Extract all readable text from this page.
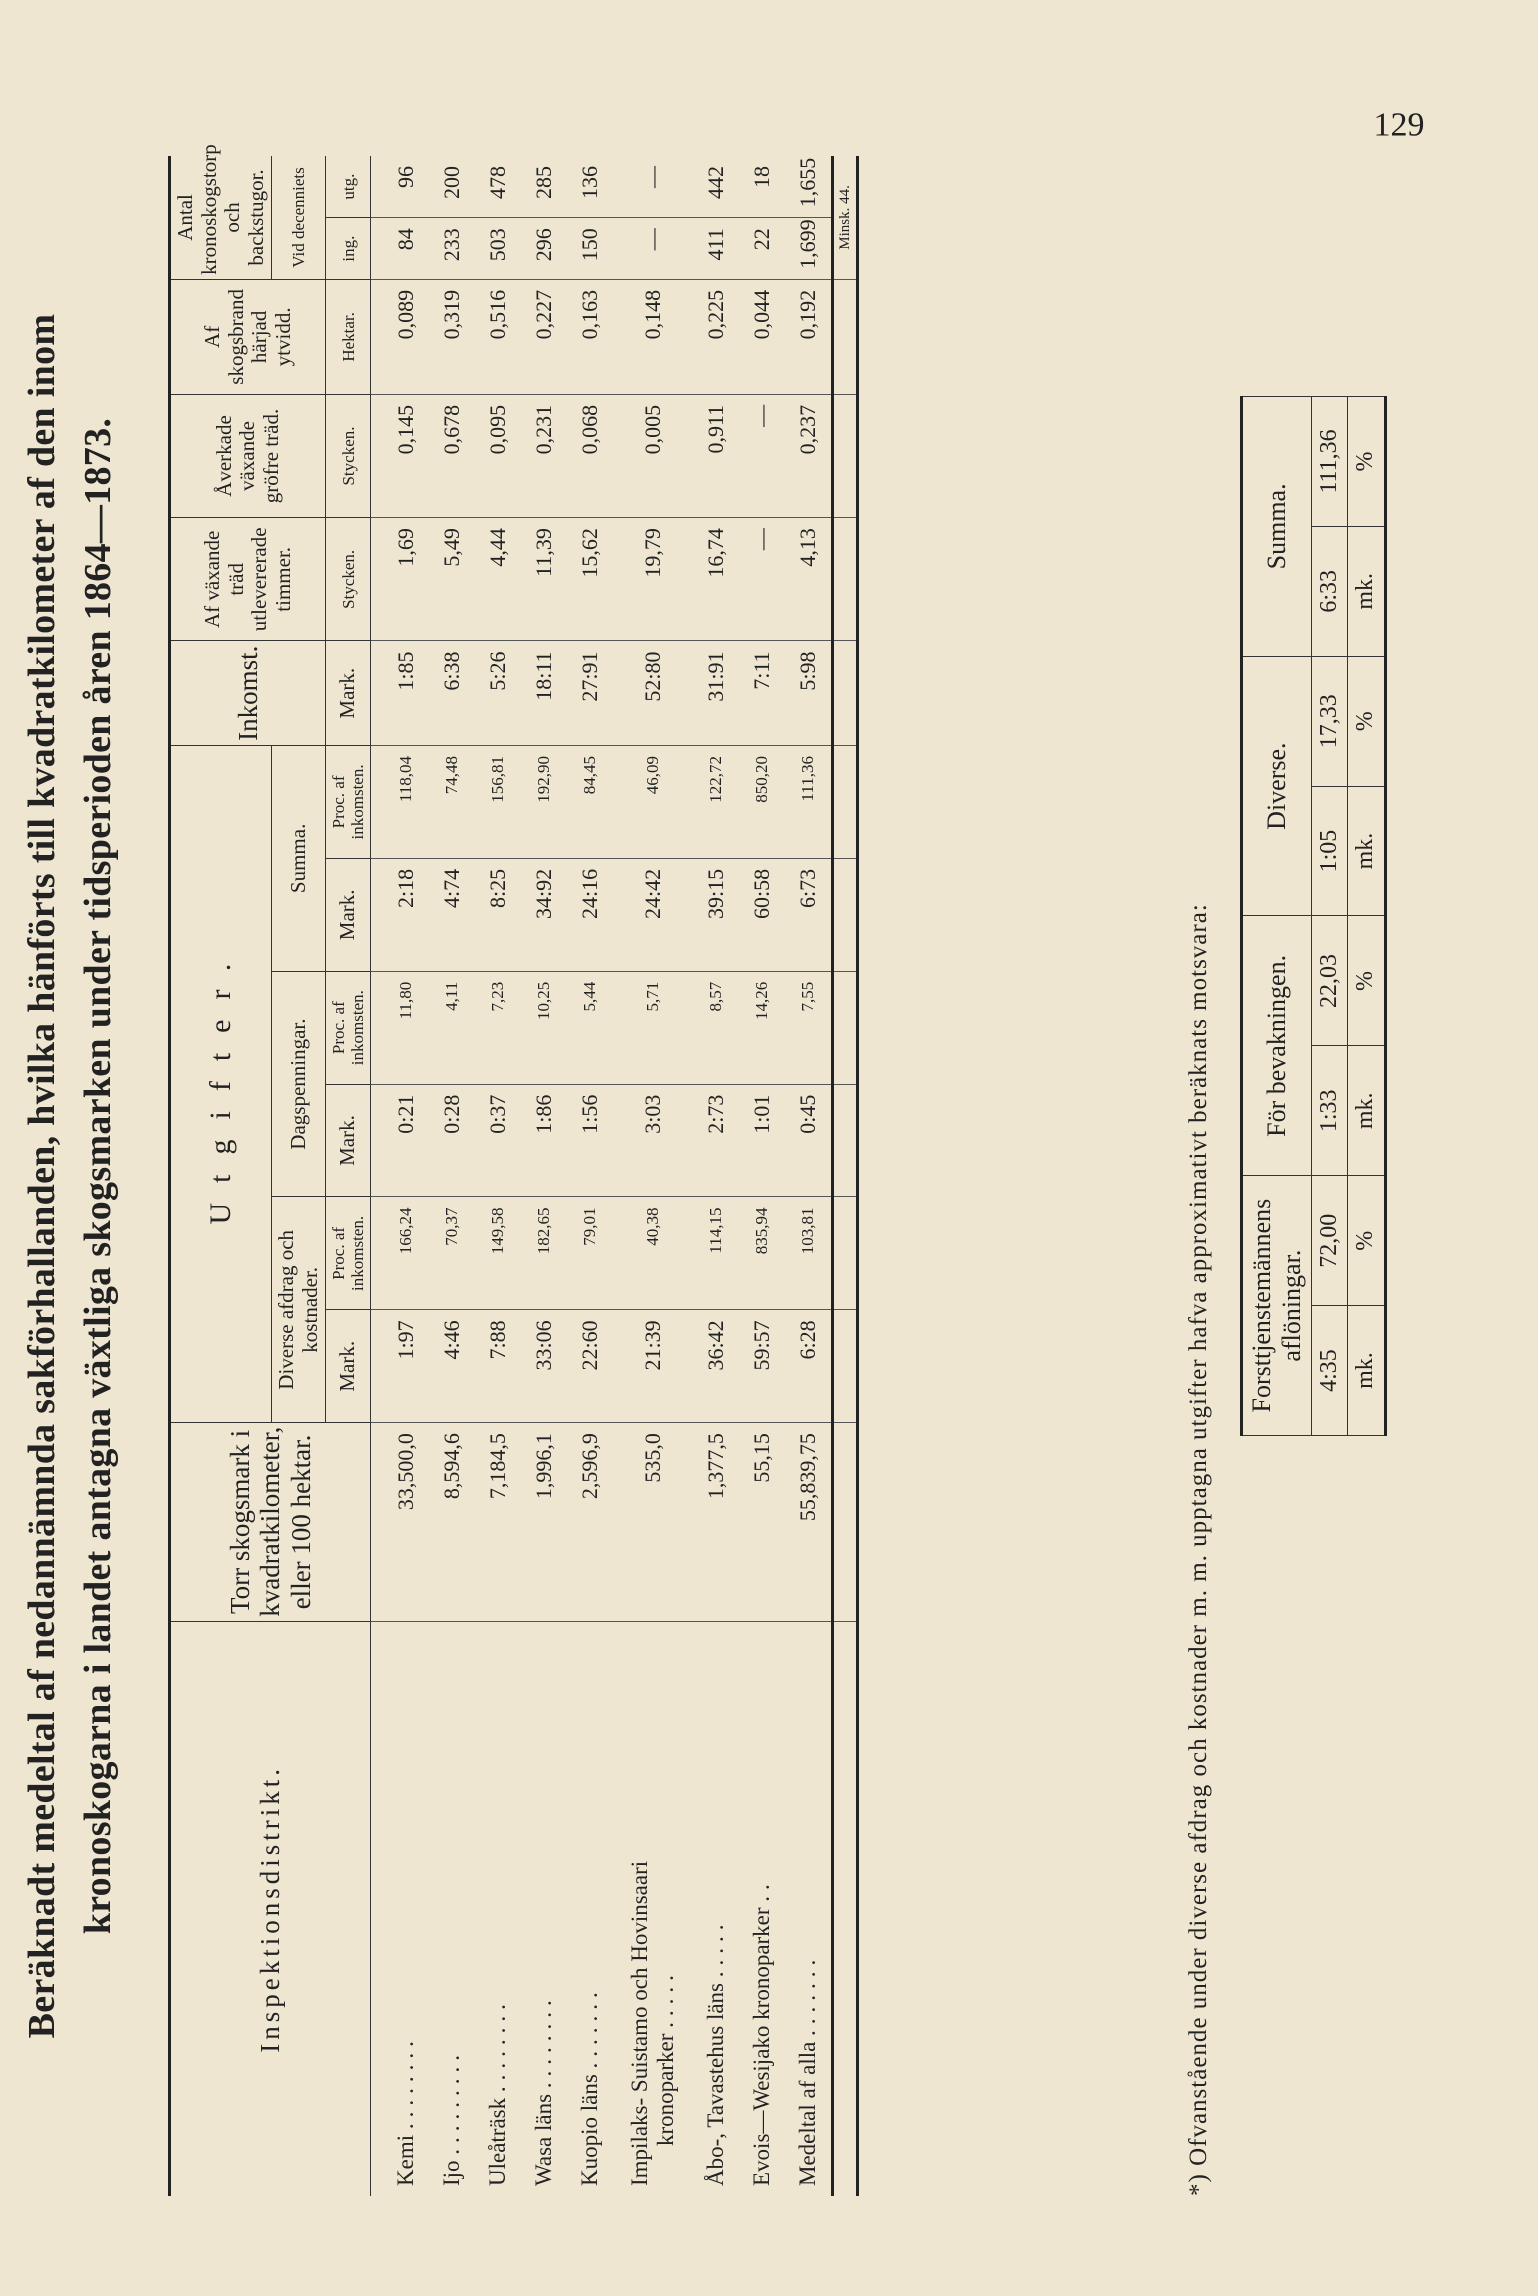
129
Beräknadt medeltal af nedannämnda sakförhallanden, hvilka hänförts till kvadratkilometer af den inom kronoskogarna i landet antagna växtliga skogsmarken under tidsperioden åren 1864—1873.	Inspektionsdistrikt.	Torr skogsmark i kvadratkilometer, eller 100 hektar.	Utgifter.						Inkomst.	Af växande träd utlevererade timmer.	Åverkade växande gröfre träd.	Af skogsbrand härjad ytvidd.	Antal kronoskogstorp och backstugor.	
		Diverse afdrag och kostnader.		Dagspenningar.		Summa.						Vid decenniets	
		Mark.	Proc. af inkomsten.	Mark.	Proc. af inkomsten.	Mark.	Proc. af inkomsten.	Mark.	Stycken.	Stycken.	Hektar.	ing.	utg.
Kemi ........	33,500,0	1:97	166,24	0:21	11,80	2:18	118,04	1:85	1,69	0,145	0,089	84	96
Ijo .........	8,594,6	4:46	70,37	0:28	4,11	4:74	74,48	6:38	5,49	0,678	0,319	233	200
Uleåträsk ........	7,184,5	7:88	149,58	0:37	7,23	8:25	156,81	5:26	4,44	0,095	0,516	503	478
Wasa läns ........	1,996,1	33:06	182,65	1:86	10,25	34:92	192,90	18:11	11,39	0,231	0,227	296	285
Kuopio läns .......	2,596,9	22:60	79,01	1:56	5,44	24:16	84,45	27:91	15,62	0,068	0,163	150	136

Impilaks- Suistamo och Hovinsaari kronoparker .....	535,0	21:39	40,38	3:03	5,71	24:42	46,09	52:80	19,79	0,005	0,148	—	—
Åbo-, Tavastehus läns .....	1,377,5	36:42	114,15	2:73	8,57	39:15	122,72	31:91	16,74	0,911	0,225	411	442
Evois—Wesijako kronoparker ..	55,15	59:57	835,94	1:01	14,26	60:58	850,20	7:11	—	—	0,044	22	18
Medeltal af alla .......	55,839,75	6:28	103,81	0:45	7,55	6:73	111,36	5:98	4,13	0,237	0,192	1,699	1,655
												Minsk. 44.	
*) Ofvanstående under diverse afdrag och kostnader m. m. upptagna utgifter hafva approximativt beräknats motsvara: Forsttjenstemännens aflöningar.		För bevakningen.		Diverse.		Summa.	
4:35	72,00	1:33	22,03	1:05	17,33	6:33	111,36
mk.	%	mk.	%	mk.	%	mk.	%
